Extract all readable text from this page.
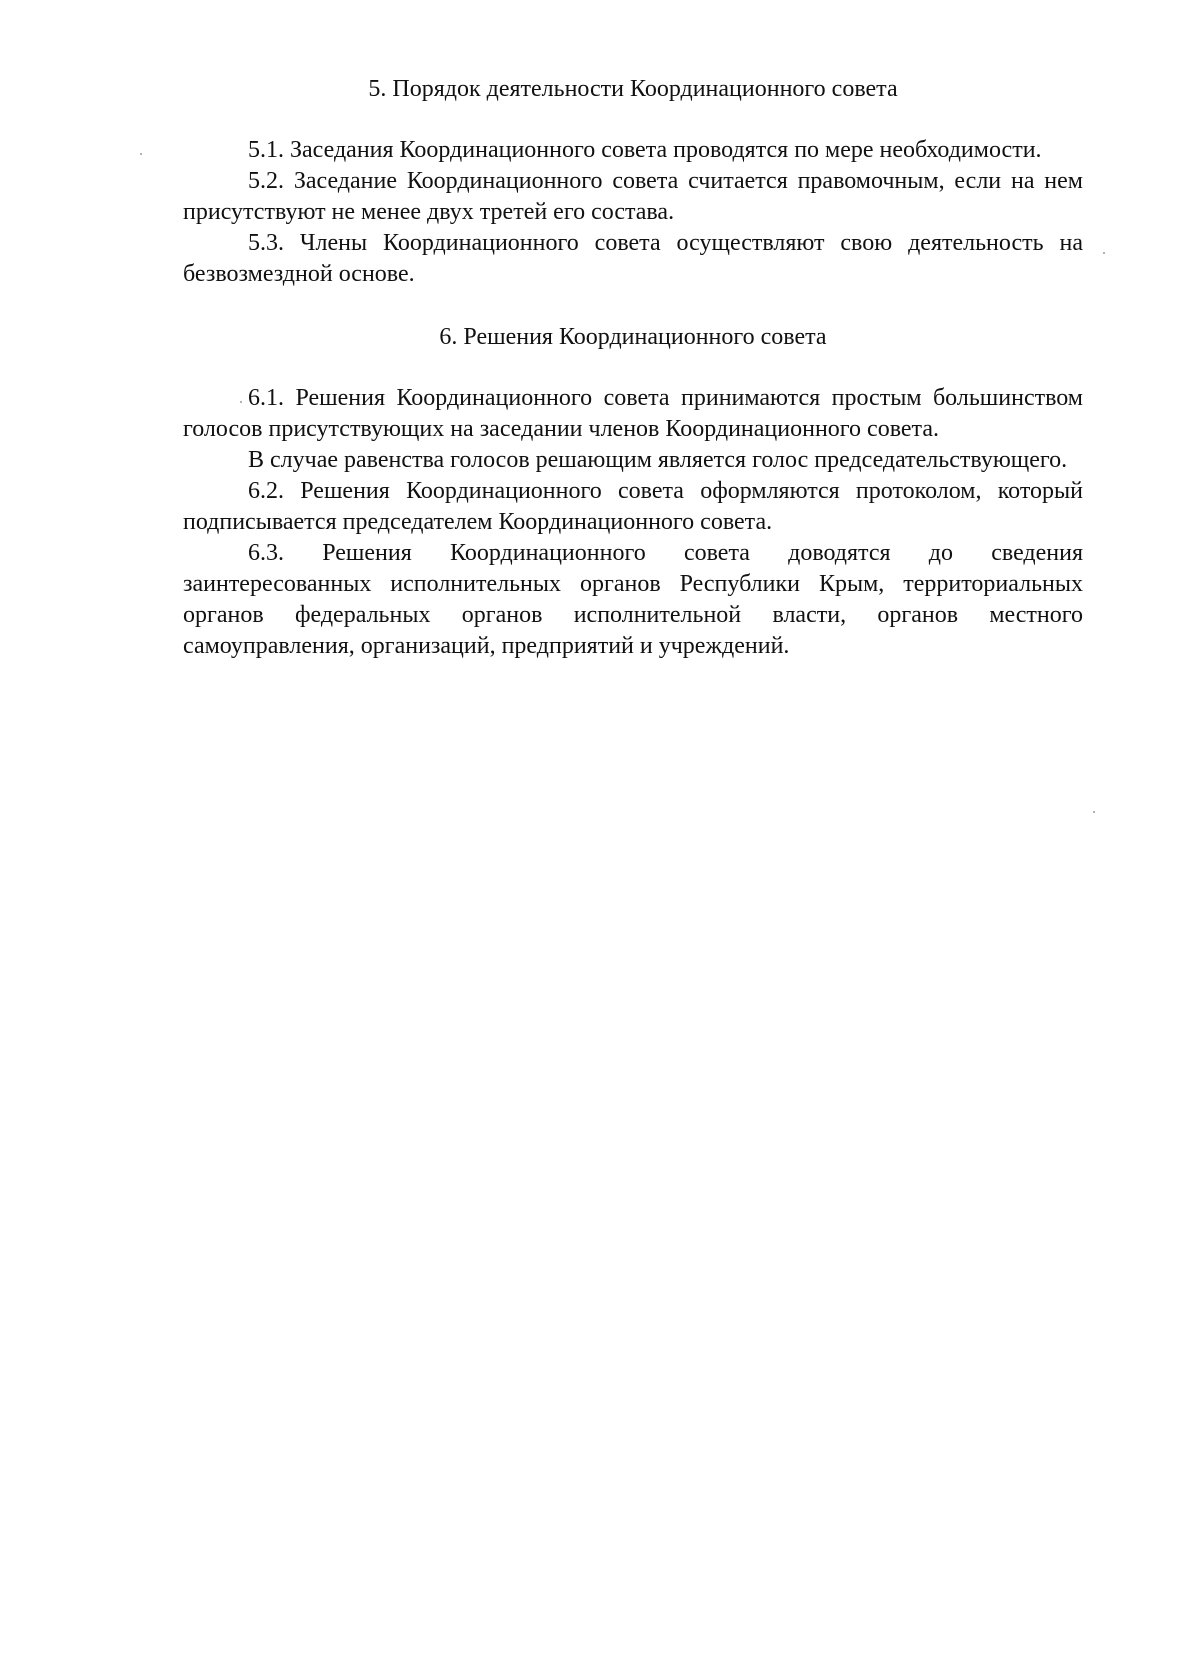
5. Порядок деятельности Координационного совета

5.1. Заседания Координационного совета проводятся по мере необходимости.

5.2. Заседание Координационного совета считается правомочным, если на нем присутствуют не менее двух третей его состава.

5.3. Члены Координационного совета осуществляют свою деятельность на безвозмездной основе.

6. Решения Координационного совета

6.1. Решения Координационного совета принимаются простым большинством голосов присутствующих на заседании членов Координационного совета.

В случае равенства голосов решающим является голос председательствующего.

6.2. Решения Координационного совета оформляются протоколом, который подписывается председателем Координационного совета.

6.3. Решения Координационного совета доводятся до сведения заинтересованных исполнительных органов Республики Крым, территориальных органов федеральных органов исполнительной власти, органов местного самоуправления, организаций, предприятий и учреждений.
